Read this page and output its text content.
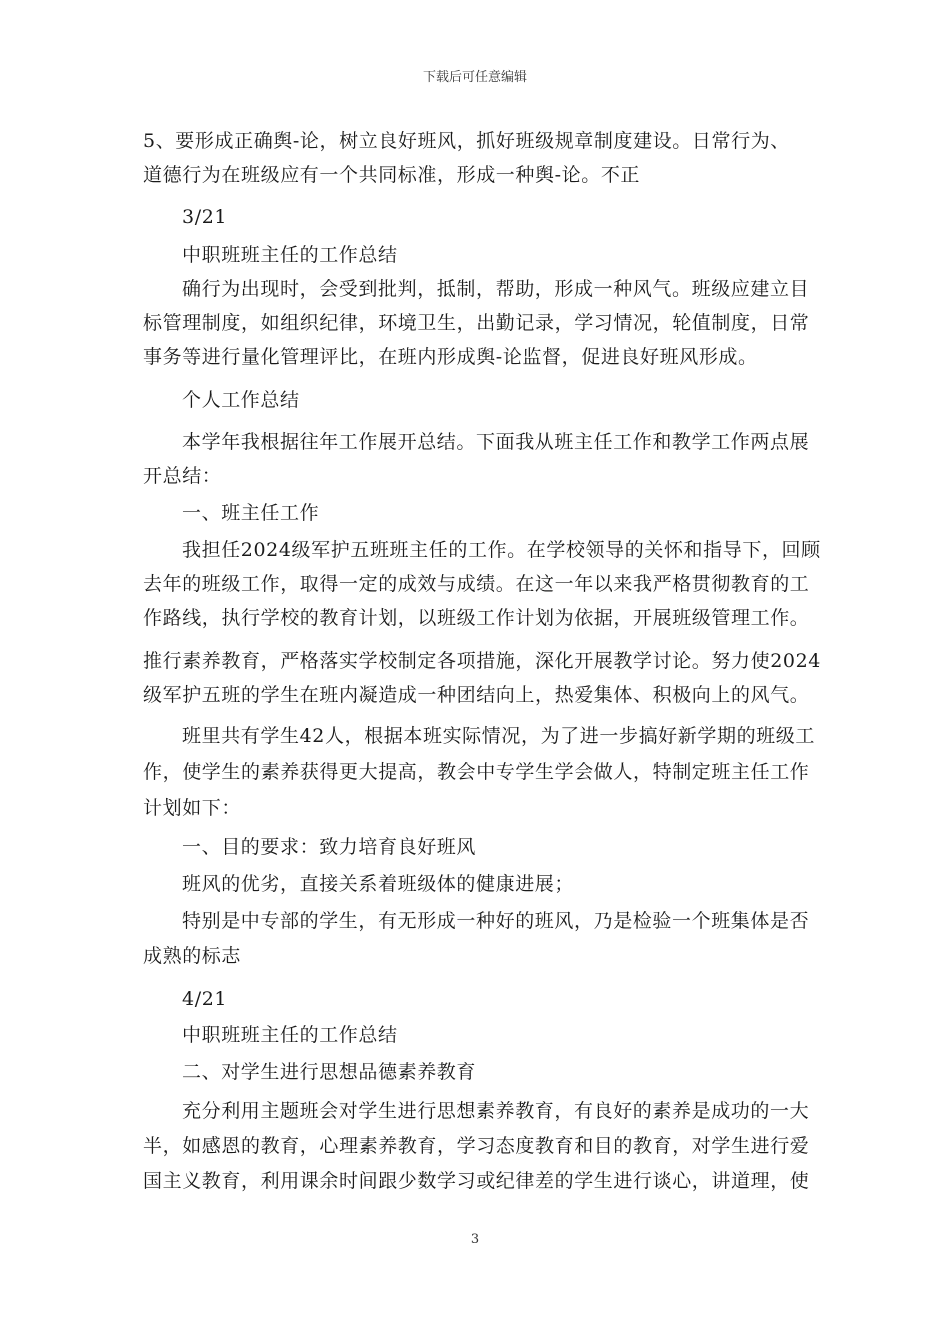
下载后可任意编辑
5、要形成正确舆-论，树立良好班风，抓好班级规章制度建设。日常行为、
道德行为在班级应有一个共同标准，形成一种舆-论。不正
3/21
中职班班主任的工作总结
确行为出现时，会受到批判，抵制，帮助，形成一种风气。班级应建立目
标管理制度，如组织纪律，环境卫生，出勤记录，学习情况，轮值制度，日常
事务等进行量化管理评比，在班内形成舆-论监督，促进良好班风形成。
个人工作总结
本学年我根据往年工作展开总结。下面我从班主任工作和教学工作两点展
开总结：
一、班主任工作
我担任2024级军护五班班主任的工作。在学校领导的关怀和指导下，回顾
去年的班级工作，取得一定的成效与成绩。在这一年以来我严格贯彻教育的工
作路线，执行学校的教育计划，以班级工作计划为依据，开展班级管理工作。
推行素养教育，严格落实学校制定各项措施，深化开展教学讨论。努力使2024
级军护五班的学生在班内凝造成一种团结向上，热爱集体、积极向上的风气。
班里共有学生42人，根据本班实际情况，为了进一步搞好新学期的班级工
作，使学生的素养获得更大提高，教会中专学生学会做人，特制定班主任工作
计划如下：
一、目的要求：致力培育良好班风
班风的优劣，直接关系着班级体的健康进展；
特别是中专部的学生，有无形成一种好的班风，乃是检验一个班集体是否
成熟的标志
4/21
中职班班主任的工作总结
二、对学生进行思想品德素养教育
充分利用主题班会对学生进行思想素养教育，有良好的素养是成功的一大
半，如感恩的教育，心理素养教育，学习态度教育和目的教育，对学生进行爱
国主义教育，利用课余时间跟少数学习或纪律差的学生进行谈心，讲道理，使
3
